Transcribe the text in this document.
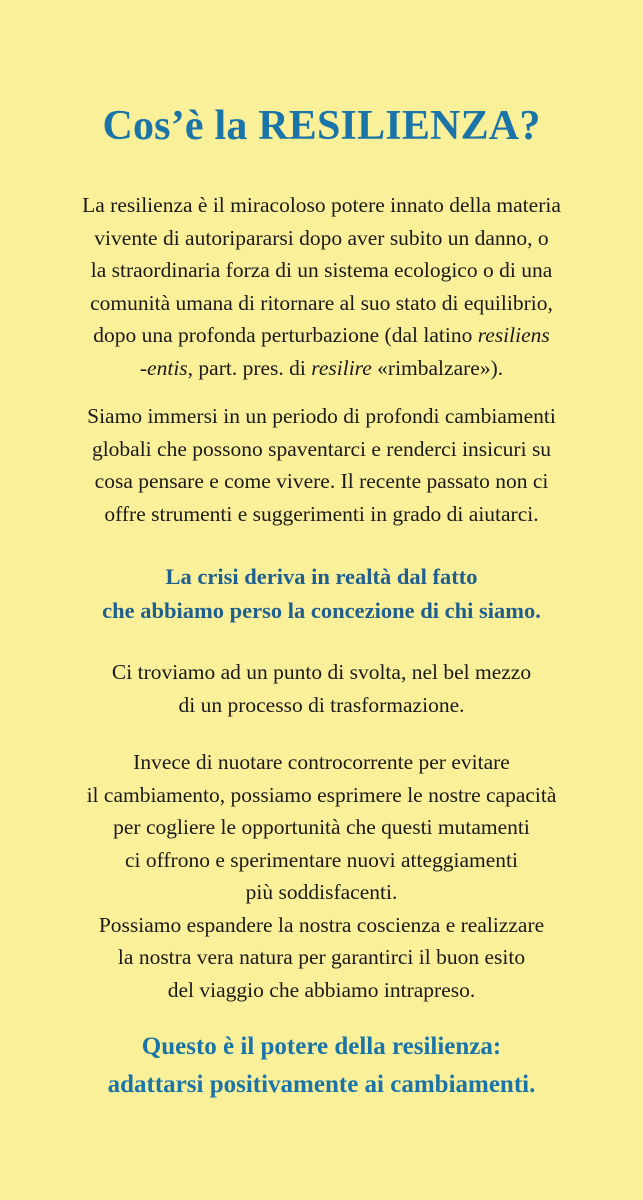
Cos’è la RESILIENZA?

La resilienza è il miracoloso potere innato della materia
vivente di autoripararsi dopo aver subito un danno, o
la straordinaria forza di un sistema ecologico o di una
comunità umana di ritornare al suo stato di equilibrio,
dopo una profonda perturbazione (dal latino resiliens
-entis, part. pres. di resilire «rimbalzare»).

Siamo immersi in un periodo di profondi cambiamenti
globali che possono spaventarci e renderci insicuri su
cosa pensare e come vivere. Il recente passato non ci
offre strumenti e suggerimenti in grado di aiutarci.

La crisi deriva in realtà dal fatto
che abbiamo perso la concezione di chi siamo.

Ci troviamo ad un punto di svolta, nel bel mezzo
di un processo di trasformazione.

Invece di nuotare controcorrente per evitare
il cambiamento, possiamo esprimere le nostre capacità
per cogliere le opportunità che questi mutamenti
ci offrono e sperimentare nuovi atteggiamenti
più soddisfacenti.
Possiamo espandere la nostra coscienza e realizzare
la nostra vera natura per garantirci il buon esito
del viaggio che abbiamo intrapreso.

Questo è il potere della resilienza:
adattarsi positivamente ai cambiamenti.
